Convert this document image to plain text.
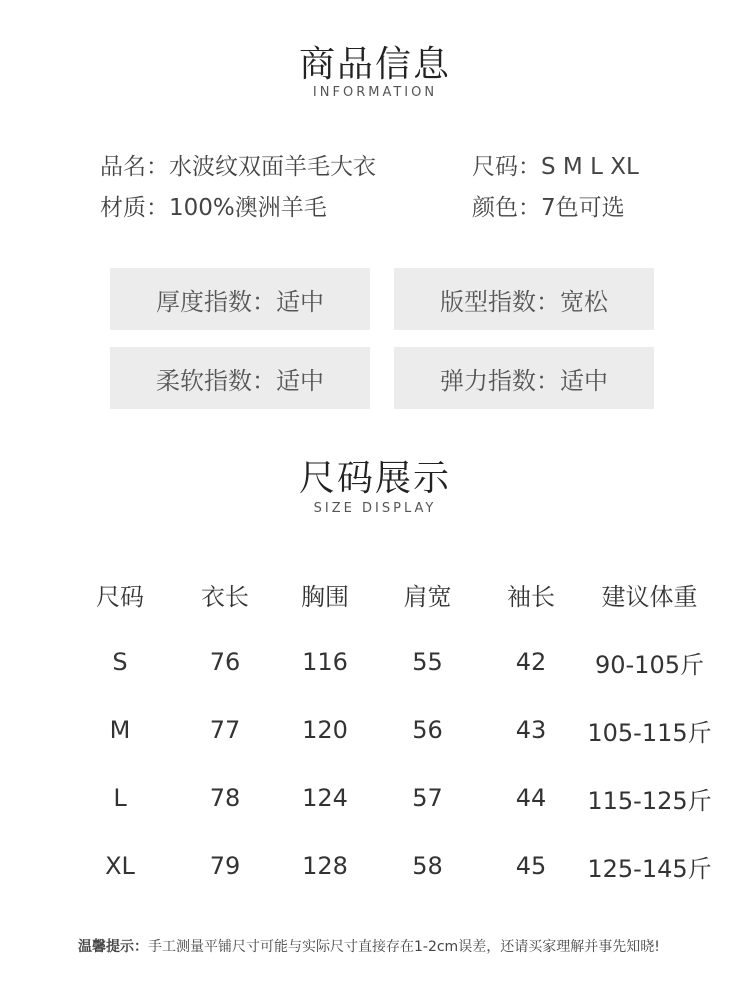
商品信息
INFORMATION
品名：水波纹双面羊毛大衣	尺码：S M L XL
材质：100%澳洲羊毛	颜色：7色可选
厚度指数：适中	版型指数：宽松
柔软指数：适中	弹力指数：适中
尺码展示
SIZE DISPLAY
尺码	衣长	胸围	肩宽	袖长	建议体重
S	76	116	55	42	90-105斤
M	77	120	56	43	105-115斤
L	78	124	57	44	115-125斤
XL	79	128	58	45	125-145斤
温馨提示：手工测量平铺尺寸可能与实际尺寸直接存在1-2cm误差，还请买家理解并事先知晓!
